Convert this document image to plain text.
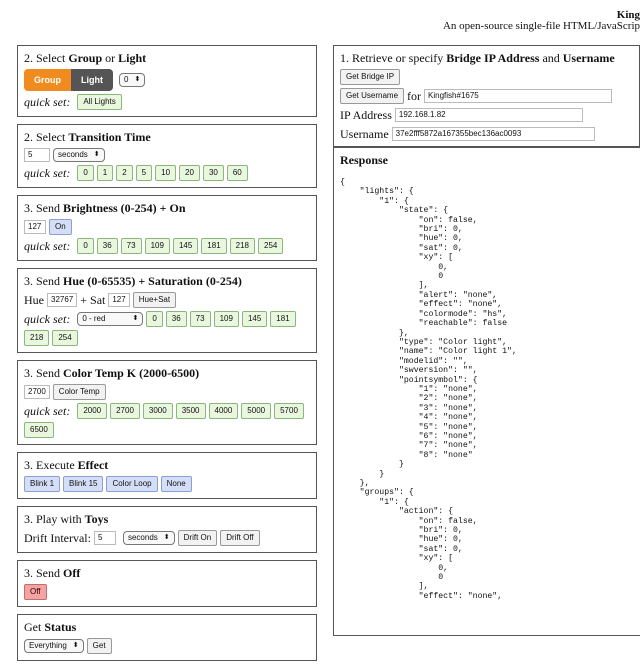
King
An open-source single-file HTML/JavaScrip
2. Select Group or Light
Group	Light	0 ⬍
quick set:	All Lights
2. Select Transition Time
5	seconds ⬍
quick set:	0	1	2	5	10	20	30	60
3. Send Brightness (0-254) + On
127	On
quick set:	0	36	73	109	145	181	218	254
3. Send Hue (0-65535) + Saturation (0-254)
Hue 32767 + Sat 127	Hue+Sat
quick set: 0 - red	⬍	0	36	73	109	145	181
218	254
3. Send Color Temp K (2000-6500)
2700	Color Temp
quick set:	2000	2700	3000	3500	4000	5000	5700
6500
3. Execute Effect
Blink 1	Blink 15	Color Loop	None
3. Play with Toys
Drift Interval: 5	seconds ⬍	Drift On	Drift Off
3. Send Off
Off
Get Status
Everything ⬍	Get
1. Retrieve or specify Bridge IP Address and Username
Get Bridge IP
Get Username for Kingfish#1675
IP Address 192.168.1.82
Username 37e2fff5872a167355bec136ac0093
Response
{
"lights": {
"1": {
"state": {
"on": false,
"bri": 0,
"hue": 0,
"sat": 0,
"xy": [
0,
0
],
"alert": "none",
"effect": "none",
"colormode": "hs",
"reachable": false
},
"type": "Color light",
"name": "Color light 1",
"modelid": "",
"swversion": "",
"pointsymbol": {
"1": "none",
"2": "none",
"3": "none",
"4": "none",
"5": "none",
"6": "none",
"7": "none",
"8": "none"
}
}
},
"groups": {
"1": {
"action": {
"on": false,
"bri": 0,
"hue": 0,
"sat": 0,
"xy": [
0,
0
],
"effect": "none",
